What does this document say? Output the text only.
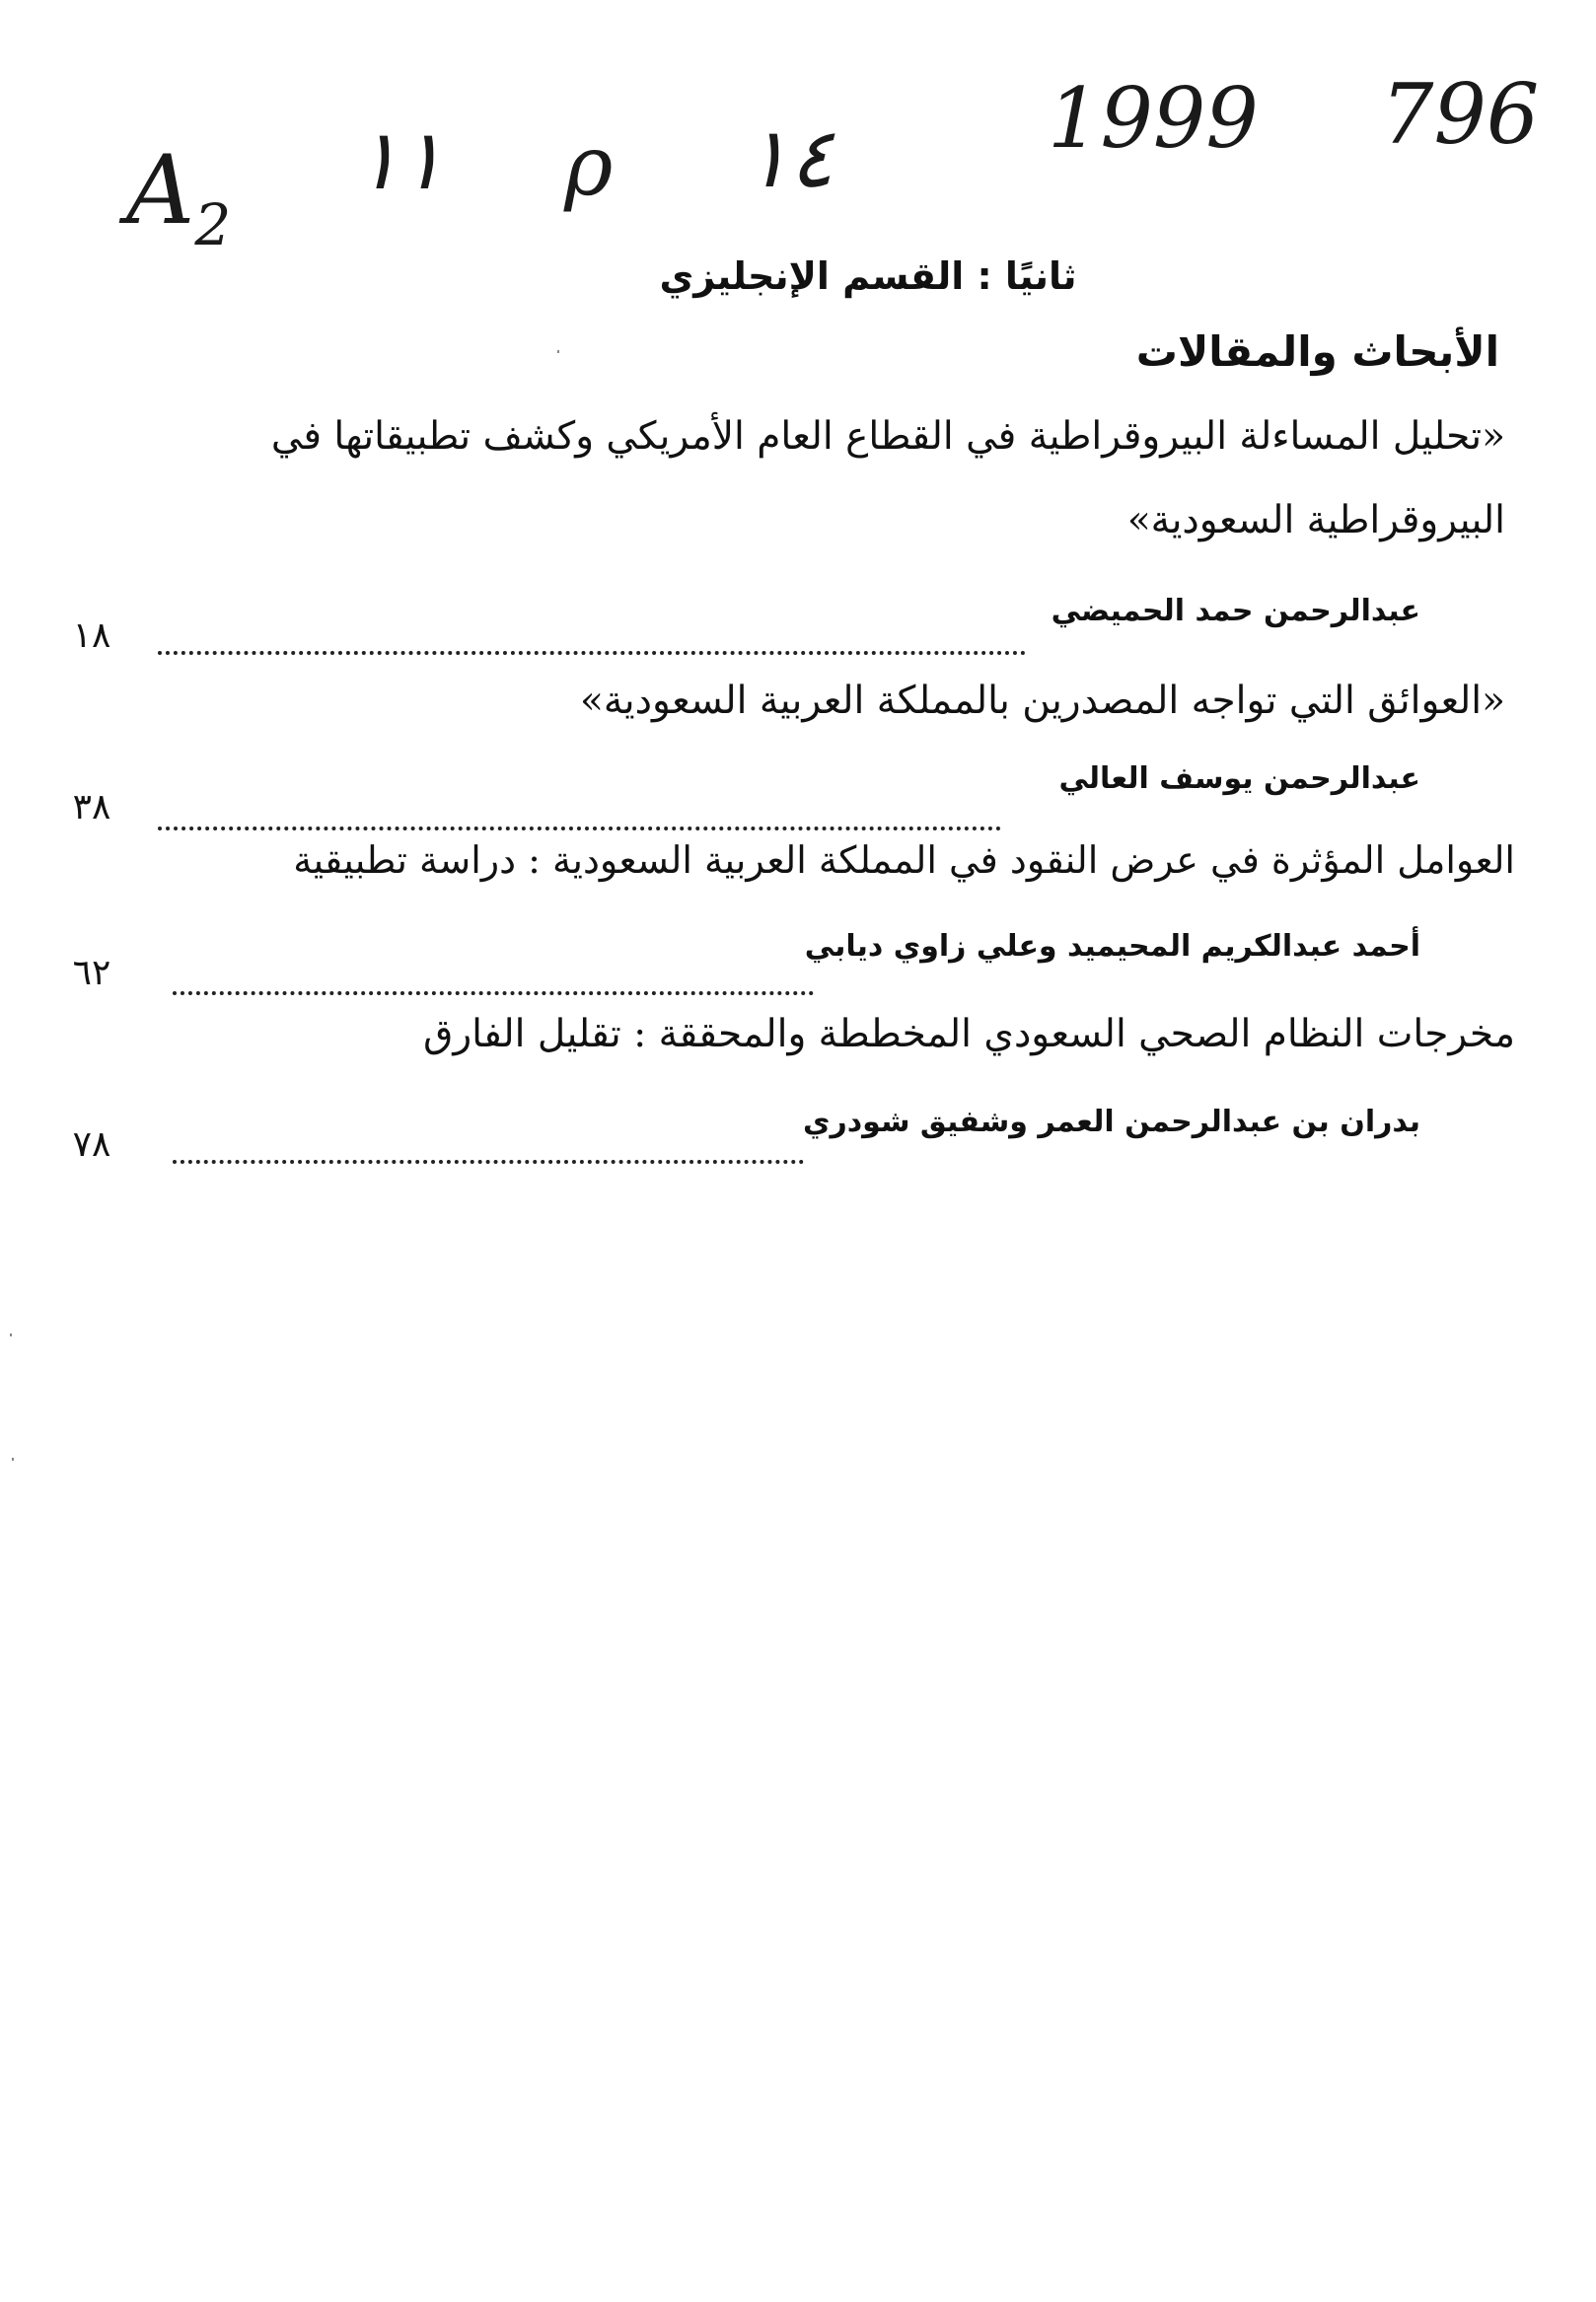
$A_2$
١١ ρ ١٤	1999 796
ثانيًا : القسم الإنجليزي
الأبحاث والمقالات
«تحليل المساءلة البيروقراطية في القطاع العام الأمريكي وكشف تطبيقاتها في
البيروقراطية السعودية»
عبدالرحمن حمد الحميضي
١٨
«العوائق التي تواجه المصدرين بالمملكة العربية السعودية»
عبدالرحمن يوسف العالي
٣٨
العوامل المؤثرة في عرض النقود في المملكة العربية السعودية : دراسة تطبيقية
أحمد عبدالكريم المحيميد وعلي زاوي ديابي
٦٢
مخرجات النظام الصحي السعودي المخططة والمحققة : تقليل الفارق
بدران بن عبدالرحمن العمر وشفيق شودري
٧٨
